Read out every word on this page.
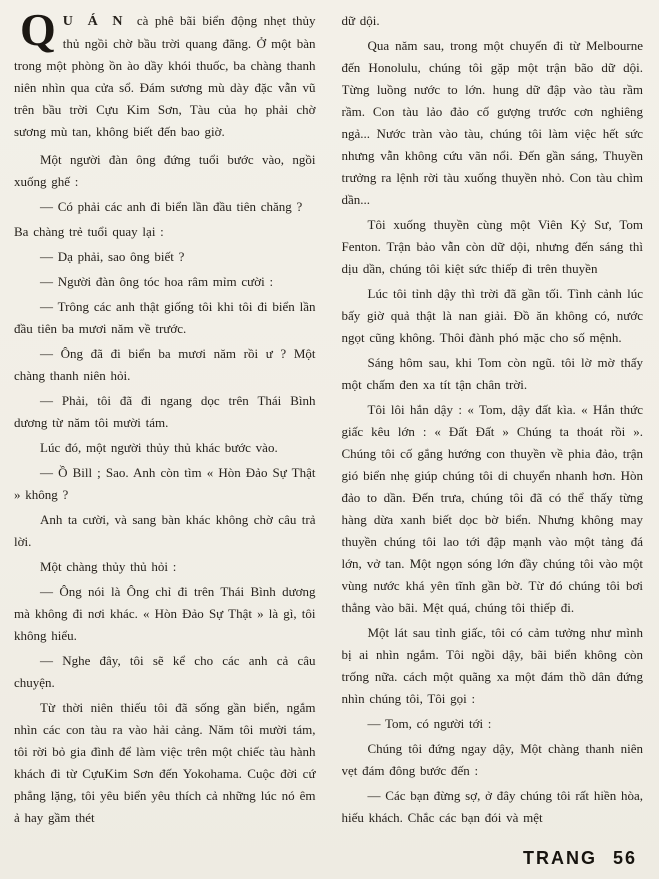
Q U Á N cà phê bãi biển động nhẹt thủy thủ ngồi chờ bầu trời quang đãng. Ở một bàn trong một phòng ồn ào dầy khói thuốc, ba chàng thanh niên nhìn qua cửa sổ. Đám sương mù dày đặc vẫn vũ trên bầu trời Cựu Kim Sơn, Tàu của họ phải chờ sương mù tan, không biết đến bao giờ.

Một người đàn ông đứng tuổi bước vào, ngồi xuống ghế :

— Có phải các anh đi biển lần đầu tiên chăng ?

Ba chàng trẻ tuổi quay lại :

— Dạ phải, sao ông biết ?

— Người đàn ông tóc hoa râm mỉm cười :

— Trông các anh thật giống tôi khi tôi đi biển lần đầu tiên ba mươi năm về trước.

— Ông đã đi biển ba mươi năm rồi ư ? Một chàng thanh niên hỏi.

— Phải, tôi đã đi ngang dọc trên Thái Bình dương từ năm tôi mười tám.

Lúc đó, một người thủy thủ khác bước vào.

— Ồ Bill ; Sao. Anh còn tìm « Hòn Đảo Sự Thật » không ?

Anh ta cười, và sang bàn khác không chờ câu trả lời.

Một chàng thủy thủ hỏi :

— Ông nói là Ông chỉ đi trên Thái Bình dương mà không đi nơi khác. « Hòn Đảo Sự Thật » là gì, tôi không hiểu.

— Nghe đây, tôi sẽ kể cho các anh cả câu chuyện.

Từ thời niên thiếu tôi đã sống gần biển, ngắm nhìn các con tàu ra vào hải cảng. Năm tôi mười tám, tôi rời bỏ gia đình để làm việc trên một chiếc tàu hành khách đi từ CựuKim Sơn đến Yokohama. Cuộc đời cứ phẳng lặng, tôi yêu biển yêu thích cả những lúc nó êm ả hay gầm thét

dữ dội.

Qua năm sau, trong một chuyến đi từ Melbourne đến Honolulu, chúng tôi gặp một trận bão dữ dội. Từng luồng nước to lớn. hung dữ đập vào tàu rầm rầm. Con tàu lảo đảo cố gượng trước cơn nghiêng ngả... Nước tràn vào tàu, chúng tôi làm việc hết sức nhưng vẫn không cứu vãn nổi. Đến gần sáng, Thuyền trưởng ra lệnh rời tàu xuống thuyền nhỏ. Con tàu chìm dần...

Tôi xuống thuyền cùng một Viên Kỷ Sư, Tom Fenton. Trận bảo vẫn còn dữ dội, nhưng đến sáng thì dịu dần, chúng tôi kiệt sức thiếp đi trên thuyền

Lúc tôi tỉnh dậy thì trời đã gần tối. Tình cảnh lúc bấy giờ quả thật là nan giải. Đồ ăn không có, nước ngọt cũng không. Thôi đành phó mặc cho số mệnh.

Sáng hôm sau, khi Tom còn ngũ. tôi lờ mờ thấy một chấm đen xa tít tận chân trời.

Tôi lôi hắn dậy : « Tom, dậy đất kìa. « Hắn thức giấc kêu lớn : « Đất Đất » Chúng ta thoát rồi ». Chúng tôi cố gắng hướng con thuyền về phia đảo, trận gió biển nhẹ giúp chúng tôi di chuyển nhanh hơn. Hòn đảo to dần. Đến trưa, chúng tôi đã có thể thấy từng hàng dừa xanh biết dọc bờ biển. Nhưng không may thuyền chúng tôi lao tới đập mạnh vào một tảng đá lớn, vở tan. Một ngọn sóng lớn đầy chúng tôi vào một vùng nước khá yên tĩnh gần bờ. Từ đó chúng tôi bơi thẳng vào bãi. Mệt quá, chúng tôi thiếp đi.

Một lát sau tỉnh giấc, tôi có cảm tưởng như mình bị ai nhìn ngắm. Tôi ngồi dậy, bãi biển không còn trống nữa. cách một quãng xa một đám thồ dân đứng nhìn chúng tôi, Tôi gọi :

— Tom, có người tới :

Chúng tôi đứng ngay dậy, Một chàng thanh niên vẹt đám đông bước đến :

— Các bạn đừng sợ, ở đây chúng tôi rất hiền hòa, hiếu khách. Chắc các bạn đói và mệt

TRANG 56
